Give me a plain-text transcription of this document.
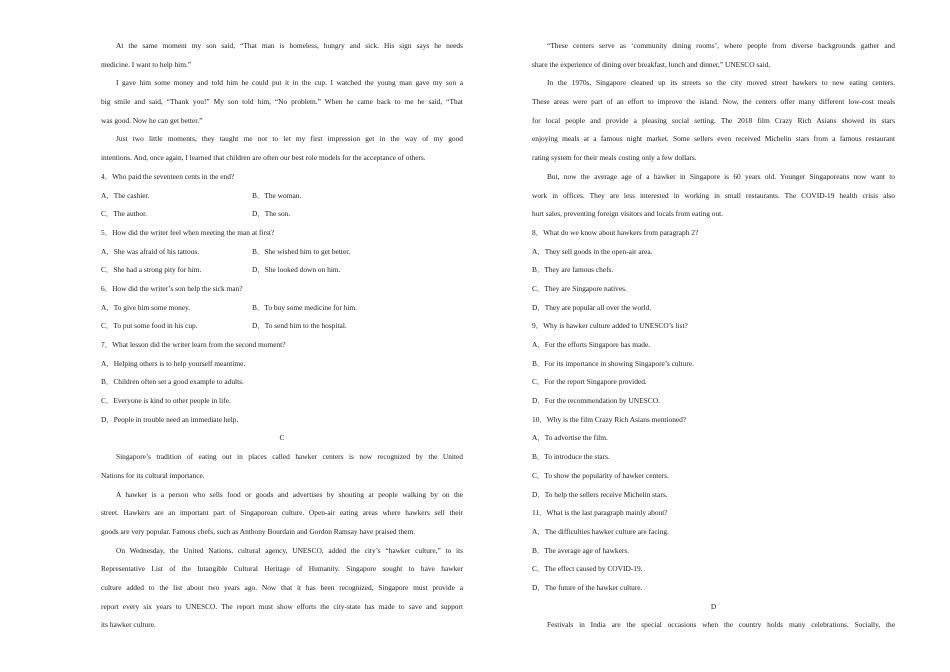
At the same moment my son said, “That man is homeless, hungry and sick. His sign says he needs
medicine. I want to help him.”
I gave him some money and told him he could put it in the cup. I watched the young man gave my son a
big smile and said, “Thank you!” My son told him, “No problem.” When he came back to me he said, “That
was good. Now he can get better.”
Just two little moments, they taught me not to let my first impression get in the way of my good
intentions. And, once again, I learned that children are often our best role models for the acceptance of others.
4．Who paid the seventeen cents in the end?
A．The cashier.	B．The woman.
C．The author.	D．The son.
5．How did the writer feel when meeting the man at first?
A．She was afraid of his tattoos.	B．She wished him to get better.
C．She had a strong pity for him.	D．She looked down on him.
6．How did the writer’s son help the sick man?
A．To give him some money.	B．To buy some medicine for him.
C．To put some food in his cup.	D．To send him to the hospital.
7．What lesson did the writer learn from the second moment?
A．Helping others is to help yourself meantime.
B．Children often set a good example to adults.
C．Everyone is kind to other people in life.
D．People in trouble need an immediate help.
C
Singapore’s tradition of eating out in places called hawker centers is now recognized by the United
Nations for its cultural importance.
A hawker is a person who sells food or goods and advertises by shouting at people walking by on the
street. Hawkers are an important part of Singaporean culture. Open-air eating areas where hawkers sell their
goods are very popular. Famous chefs, such as Anthony Bourdain and Gordon Ramsay have praised them.
On Wednesday, the United Nations, cultural agency, UNESCO, added the city’s “hawker culture,” to its
Representative List of the Intangible Cultural Heritage of Humanity. Singapore sought to have hawker
culture added to the list about two years ago. Now that it has been recognized, Singapore must provide a
report every six years to UNESCO. The report must show efforts the city-state has made to save and support
its hawker culture.
“These centers serve as ‘community dining rooms’, where people from diverse backgrounds gather and
share the experience of dining over breakfast, lunch and dinner,” UNESCO said.
In the 1970s, Singapore cleaned up its streets so the city moved street hawkers to new eating centers.
These areas were part of an effort to improve the island. Now, the centers offer many different low-cost meals
for local people and provide a pleasing social setting. The 2018 film Crazy Rich Asians showed its stars
enjoying meals at a famous night market. Some sellers even received Michelin stars from a famous restaurant
rating system for their meals costing only a few dollars.
But, now the average age of a hawker in Singapore is 60 years old. Younger Singaporeans now want to
work in offices. They are less interested in working in small restaurants. The COVID-19 health crisis also
hurt sales, preventing foreign visitors and locals from eating out.
8．What do we know about hawkers from paragraph 2?
A．They sell goods in the open-air area.
B．They are famous chefs.
C．They are Singapore natives.
D．They are popular all over the world.
9．Why is hawker culture added to UNESCO’s list?
A．For the efforts Singapore has made.
B．For its importance in showing Singapore’s culture.
C．For the report Singapore provided.
D．For the recommendation by UNESCO.
10．Why is the film Crazy Rich Asians mentioned?
A．To advertise the film.
B．To introduce the stars.
C．To show the popularity of hawker centers.
D．To help the sellers receive Michelin stars.
11．What is the last paragraph mainly about?
A．The difficulties hawker culture are facing.
B．The average age of hawkers.
C．The effect caused by COVID-19.
D．The future of the hawker culture.
D
Festivals in India are the special occasions when the country holds many celebrations. Socially, the
